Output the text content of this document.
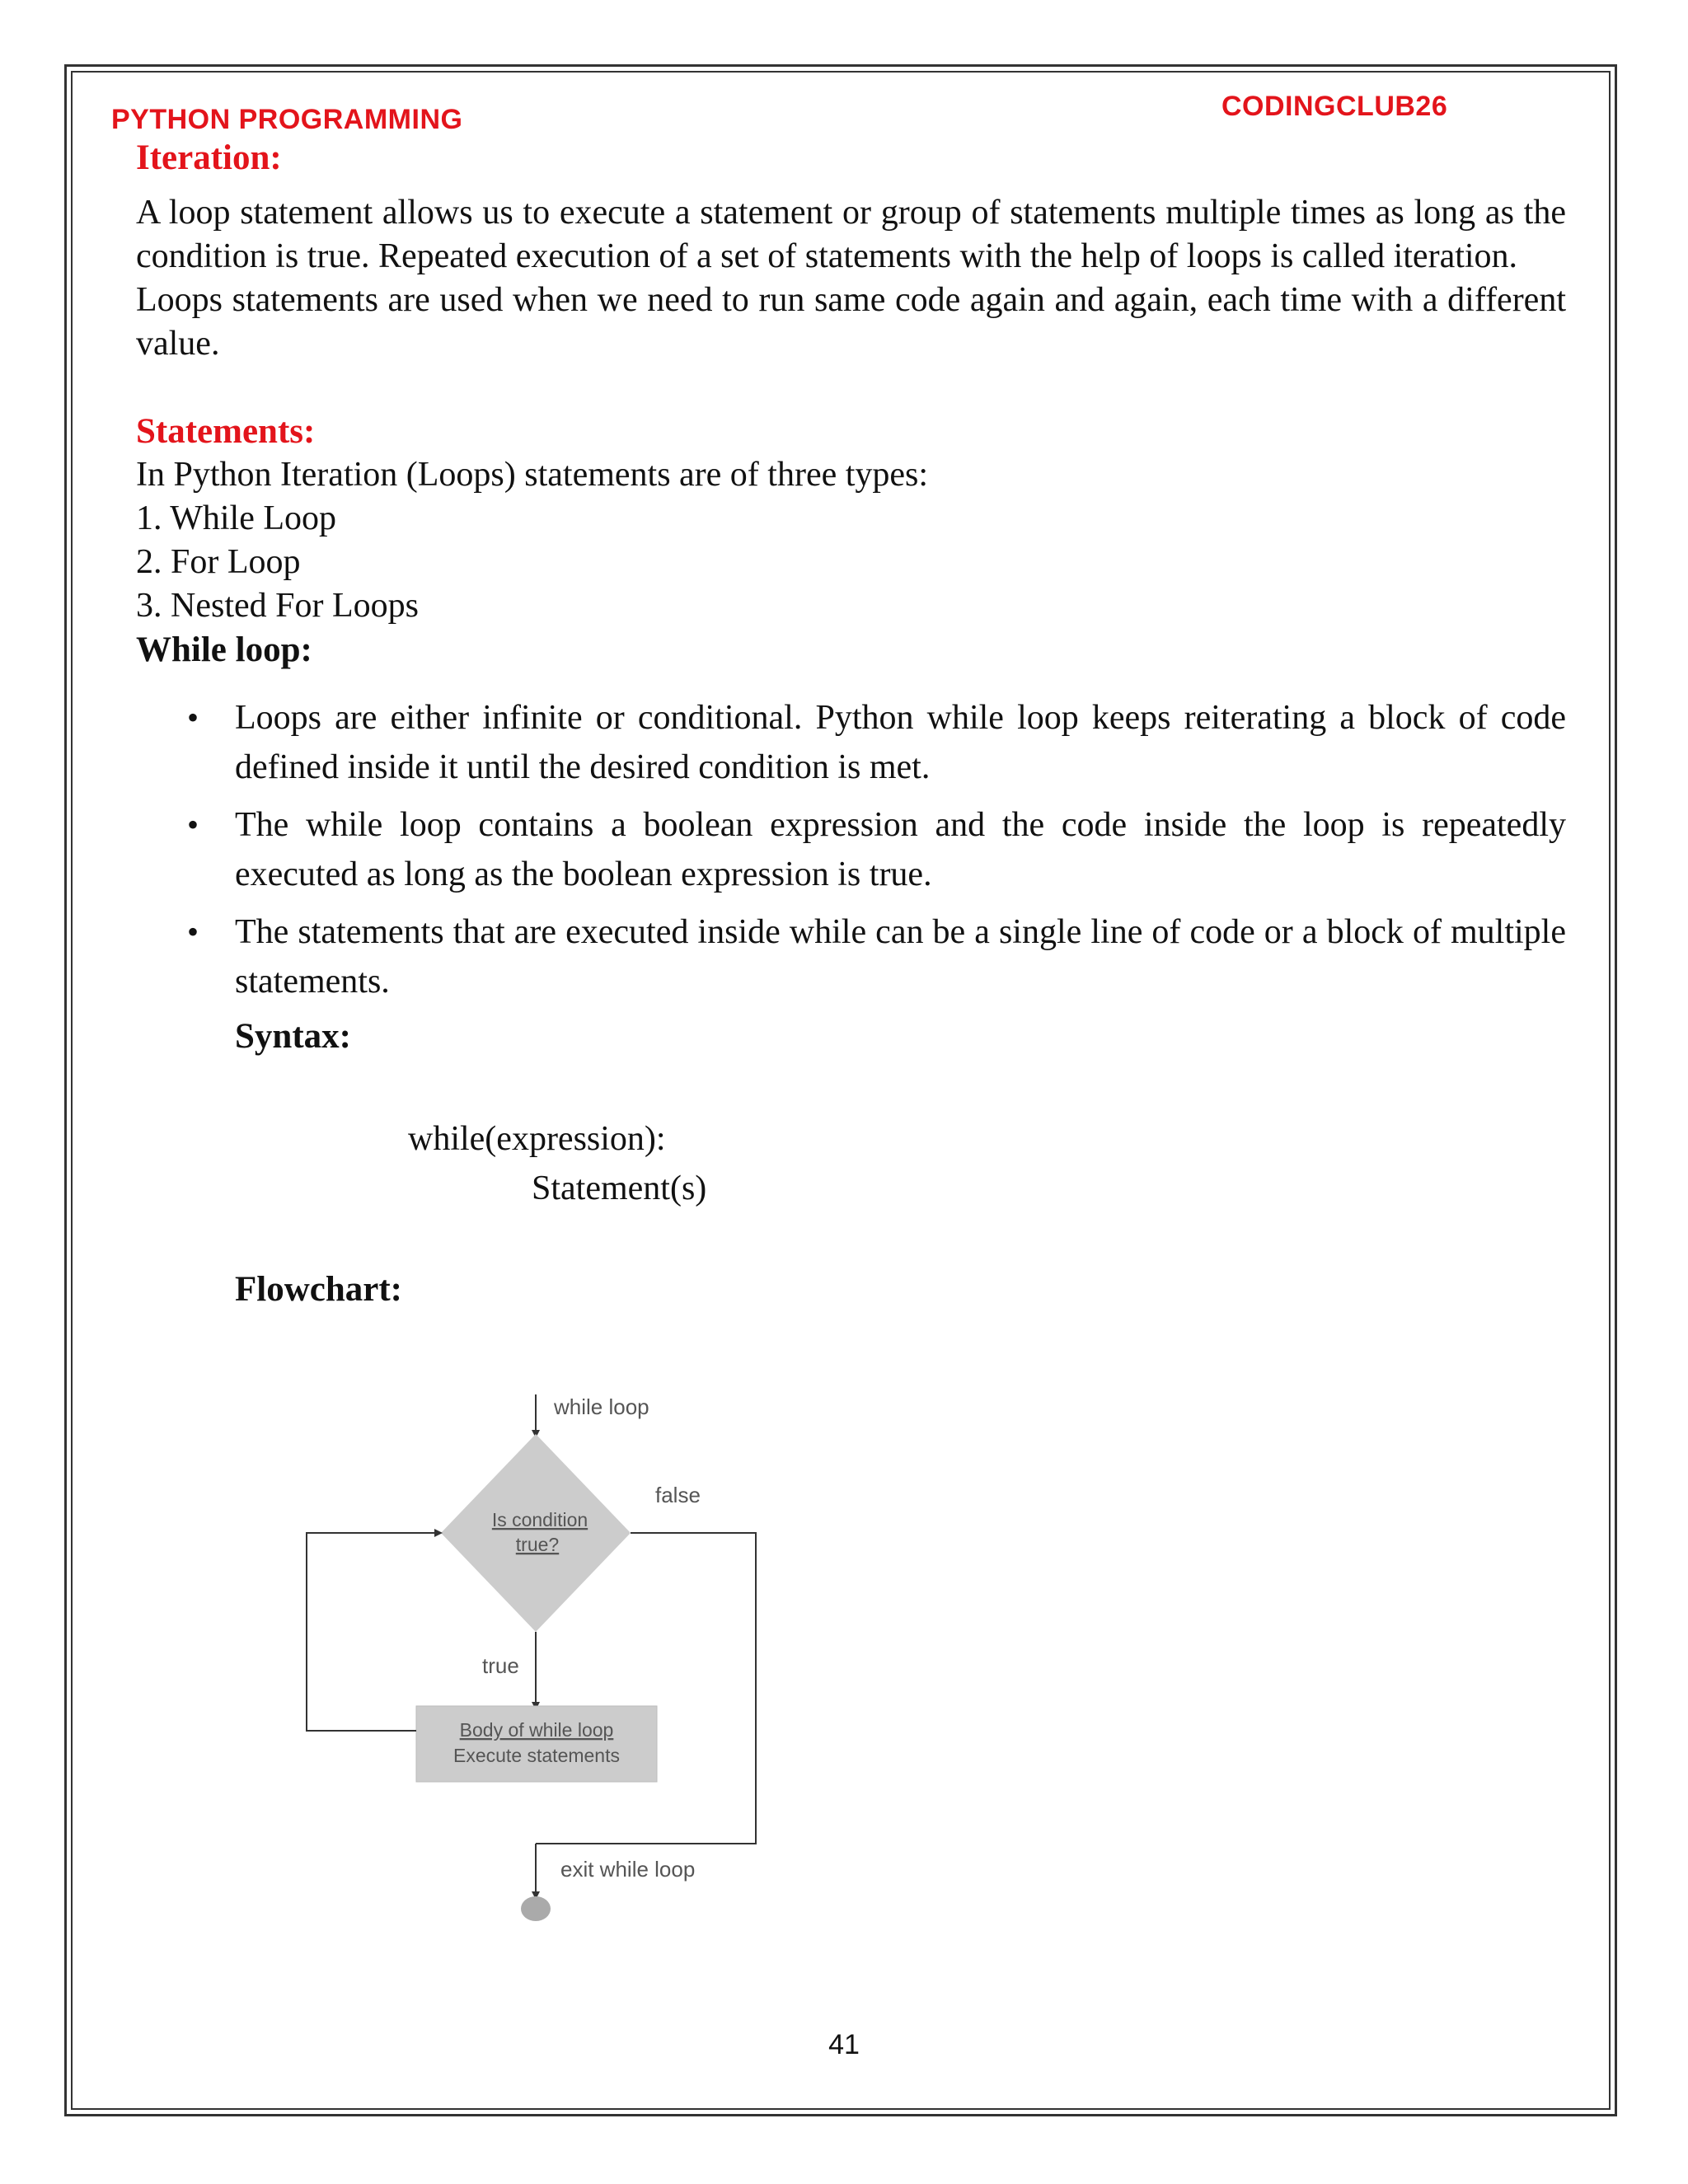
PYTHON PROGRAMMING	CODINGCLUB26

Iteration:

A loop statement allows us to execute a statement or group of statements multiple times as long as the condition is true. Repeated execution of a set of statements with the help of loops is called iteration.

Loops statements are used when we need to run same code again and again, each time with a different value.

Statements:

In Python Iteration (Loops) statements are of three types:

1. While Loop

2. For Loop

3. Nested For Loops

While loop:

• Loops are either infinite or conditional. Python while loop keeps reiterating a block of code defined inside it until the desired condition is met.
• The while loop contains a boolean expression and the code inside the loop is repeatedly executed as long as the boolean expression is true.
• The statements that are executed inside while can be a single line of code or a block of multiple statements.

Syntax:

while(expression):

Statement(s)

Flowchart:

while loop
Is condition
true?
false
true
Body of while loop
Execute statements
exit while loop
41
